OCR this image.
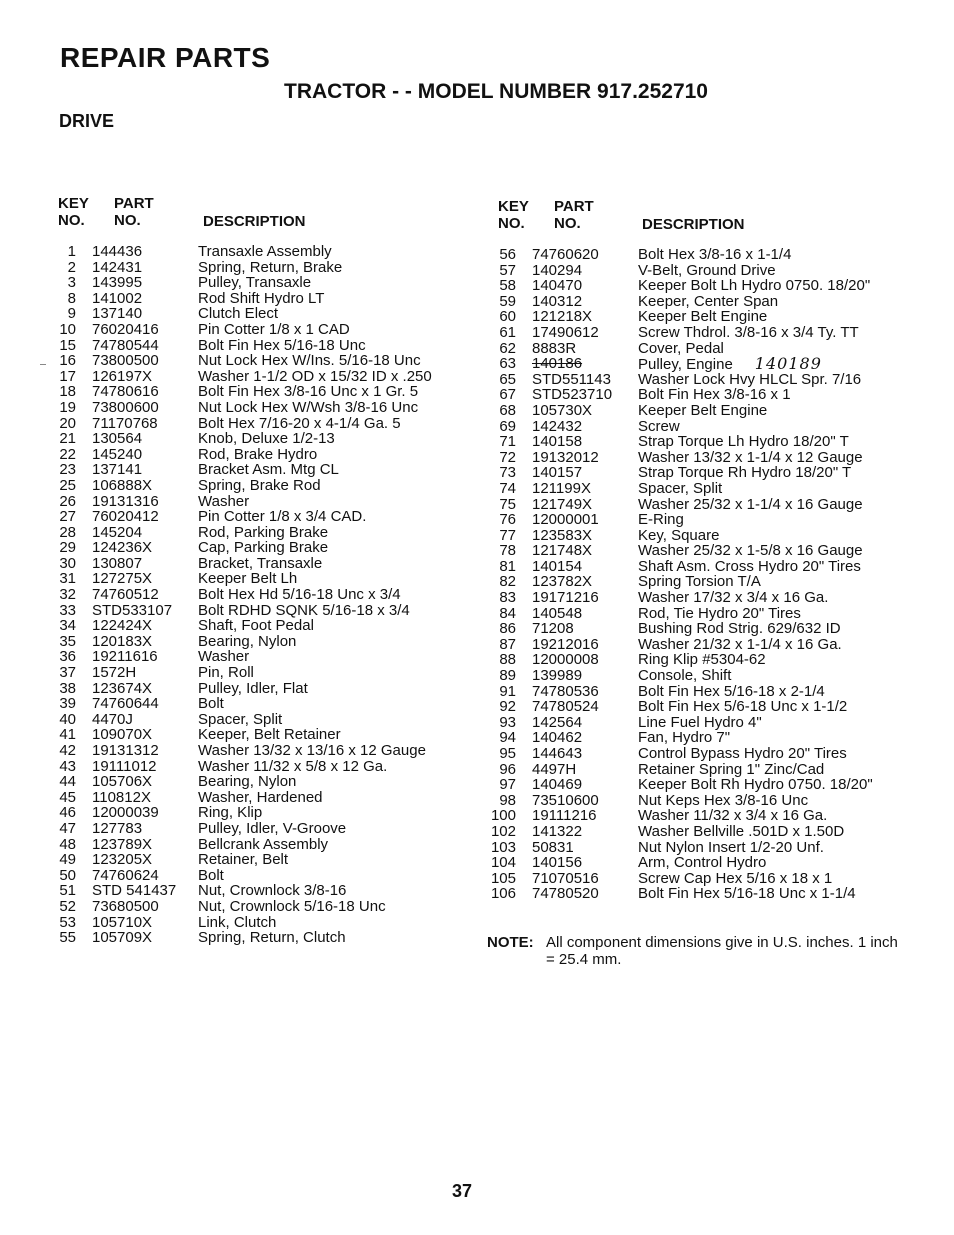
REPAIR PARTS
TRACTOR - - MODEL NUMBER 917.252710
DRIVE
KEY
NO.
PART
NO.	DESCRIPTION
1 144436	Transaxle Assembly
2 142431	Spring, Return, Brake
3 143995	Pulley, Transaxle
8 141002	Rod Shift Hydro LT
9 137140	Clutch Elect
10 76020416	Pin Cotter 1/8 x 1 CAD
15 74780544	Bolt Fin Hex 5/16-18 Unc
16 73800500	Nut Lock Hex W/Ins. 5/16-18 Unc
17 126197X	Washer 1-1/2 OD x 15/32 ID x .250
18 74780616	Bolt Fin Hex 3/8-16 Unc x 1 Gr. 5
19 73800600	Nut Lock Hex W/Wsh 3/8-16 Unc
20 71170768	Bolt Hex 7/16-20 x 4-1/4 Ga. 5
21 130564	Knob, Deluxe 1/2-13
22 145240	Rod, Brake Hydro
23 137141	Bracket Asm. Mtg CL
25 106888X	Spring, Brake Rod
26 19131316	Washer
27 76020412	Pin Cotter 1/8 x 3/4 CAD.
28 145204	Rod, Parking Brake
29 124236X	Cap, Parking Brake
30 130807	Bracket, Transaxle
31 127275X	Keeper Belt Lh
32 74760512	Bolt Hex Hd 5/16-18 Unc x 3/4
33 STD533107 Bolt RDHD SQNK 5/16-18 x 3/4
34 122424X	Shaft, Foot Pedal
35 120183X	Bearing, Nylon
36 19211616	Washer
37 1572H	Pin, Roll
38 123674X	Pulley, Idler, Flat
39 74760644	Bolt
40 4470J	Spacer, Split
41 109070X	Keeper, Belt Retainer
42 19131312	Washer 13/32 x 13/16 x 12 Gauge
43 19111012	Washer 11/32 x 5/8 x 12 Ga.
44 105706X	Bearing, Nylon
45 110812X	Washer, Hardened
46 12000039	Ring, Klip
47 127783	Pulley, Idler, V-Groove
48 123789X	Bellcrank Assembly
49 123205X	Retainer, Belt
50 74760624	Bolt
51 STD 541437 Nut, Crownlock 3/8-16
52 73680500	Nut, Crownlock 5/16-18 Unc
53 105710X	Link, Clutch
55 105709X	Spring, Return, Clutch
KEY
NO.
PART
NO.	DESCRIPTION
56 74760620	Bolt Hex 3/8-16 x 1-1/4
57 140294	V-Belt, Ground Drive
58 140470	Keeper Bolt Lh Hydro 0750. 18/20"
59 140312	Keeper, Center Span
60 121218X	Keeper Belt Engine
61 17490612	Screw Thdrol. 3/8-16 x 3/4 Ty. TT
62 8883R	Cover, Pedal
63 140186	Pulley, Engine 140189
65 STD551143 Washer Lock Hvy HLCL Spr. 7/16
67 STD523710 Bolt Fin Hex 3/8-16 x 1
68 105730X	Keeper Belt Engine
69 142432	Screw
71 140158	Strap Torque Lh Hydro 18/20" T
72 19132012	Washer 13/32 x 1-1/4 x 12 Gauge
73 140157	Strap Torque Rh Hydro 18/20" T
74 121199X	Spacer, Split
75 121749X	Washer 25/32 x 1-1/4 x 16 Gauge
76 12000001	E-Ring
77 123583X	Key, Square
78 121748X	Washer 25/32 x 1-5/8 x 16 Gauge
81 140154	Shaft Asm. Cross Hydro 20" Tires
82 123782X	Spring Torsion T/A
83 19171216	Washer 17/32 x 3/4 x 16 Ga.
84 140548	Rod, Tie Hydro 20" Tires
86 71208	Bushing Rod Strig. 629/632 ID
87 19212016	Washer 21/32 x 1-1/4 x 16 Ga.
88 12000008	Ring Klip #5304-62
89 139989	Console, Shift
91 74780536	Bolt Fin Hex 5/16-18 x 2-1/4
92 74780524	Bolt Fin Hex 5/6-18 Unc x 1-1/2
93 142564	Line Fuel Hydro 4"
94 140462	Fan, Hydro 7"
95 144643	Control Bypass Hydro 20" Tires
96 4497H	Retainer Spring 1" Zinc/Cad
97 140469	Keeper Bolt Rh Hydro 0750. 18/20"
98 73510600	Nut Keps Hex 3/8-16 Unc
100 19111216	Washer 11/32 x 3/4 x 16 Ga.
102 141322	Washer Bellville .501D x 1.50D
103 50831	Nut Nylon Insert 1/2-20 Unf.
104 140156	Arm, Control Hydro
105 71070516	Screw Cap Hex 5/16 x 18 x 1
106 74780520	Bolt Fin Hex 5/16-18 Unc x 1-1/4
NOTE: All component dimensions give in U.S. inches. 1 inch = 25.4 mm.
37
